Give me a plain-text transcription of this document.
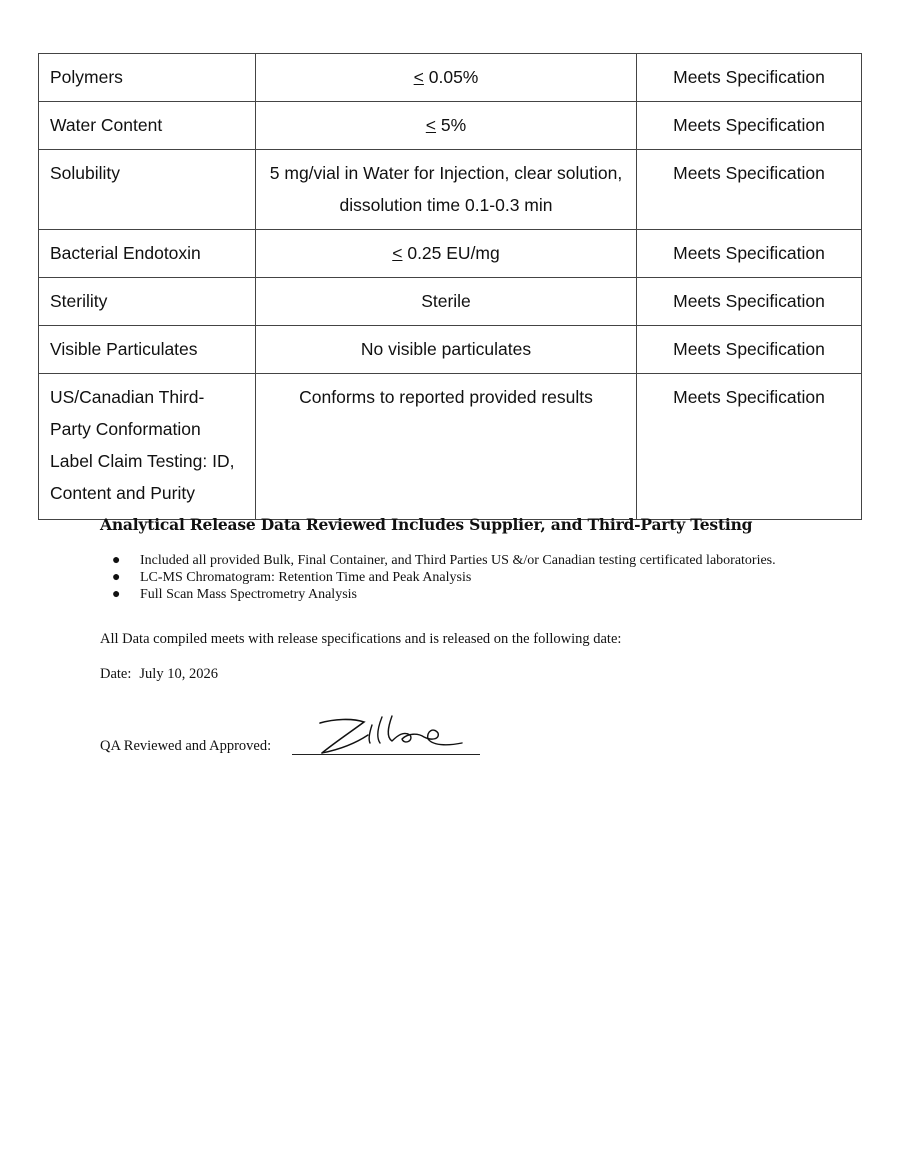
Polymers	≤ 0.05%	Meets Specification
Water Content	≤ 5%	Meets Specification
Solubility	5 mg/vial in Water for Injection, clear solution, dissolution time 0.1-0.3 min	Meets Specification
Bacterial Endotoxin	≤ 0.25 EU/mg	Meets Specification
Sterility	Sterile	Meets Specification
Visible Particulates	No visible particulates	Meets Specification
US/Canadian Third-Party Conformation Label Claim Testing: ID, Content and Purity	Conforms to reported provided results	Meets Specification
Analytical Release Data Reviewed Includes Supplier, and Third-Party Testing
● Included all provided Bulk, Final Container, and Third Parties US &/or Canadian testing certificated laboratories.
● LC-MS Chromatogram: Retention Time and Peak Analysis
● Full Scan Mass Spectrometry Analysis
All Data compiled meets with release specifications and is released on the following date:
Date: July 10, 2026
QA Reviewed and Approved:
